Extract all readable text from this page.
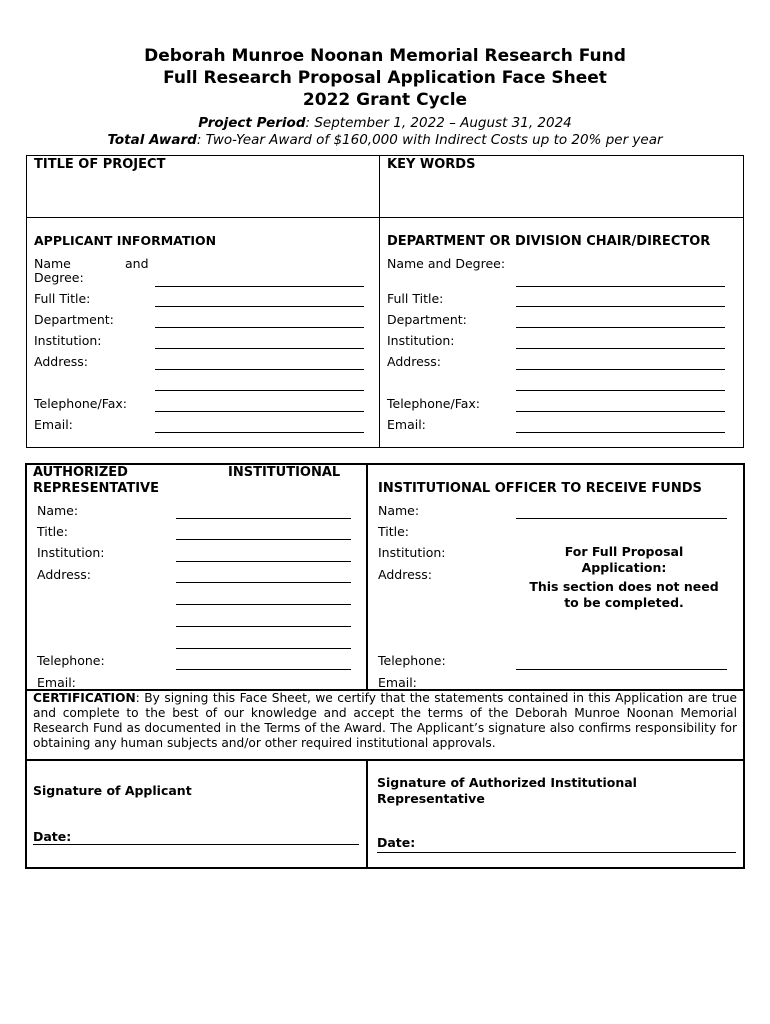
Deborah Munroe Noonan Memorial Research Fund
Full Research Proposal Application Face Sheet
2022 Grant Cycle
Project Period: September 1, 2022 – August 31, 2024
Total Award: Two-Year Award of $160,000 with Indirect Costs up to 20% per year
TITLE OF PROJECT	KEY WORDS
APPLICANT INFORMATION
Name	and
Degree:
Full Title:
Department:
Institution:
Address:
Telephone/Fax:
Email:
DEPARTMENT OR DIVISION CHAIR/DIRECTOR
Name and Degree:
Full Title:
Department:
Institution:
Address:
Telephone/Fax:
Email:
AUTHORIZED	INSTITUTIONAL
REPRESENTATIVE
Name:
Title:
Institution:
Address:
Telephone:
Email:
INSTITUTIONAL OFFICER TO RECEIVE FUNDS
Name:
Title:
Institution:
Address:
For Full Proposal
Application:
This section does not need
to be completed.
Telephone:
Email:
CERTIFICATION: By signing this Face Sheet, we certify that the statements contained in this Application are true and complete to the best of our knowledge and accept the terms of the Deborah Munroe Noonan Memorial Research Fund as documented in the Terms of the Award. The Applicant’s signature also confirms responsibility for obtaining any human subjects and/or other required institutional approvals.
Signature of Applicant
Date:
Signature of Authorized Institutional
Representative
Date:
